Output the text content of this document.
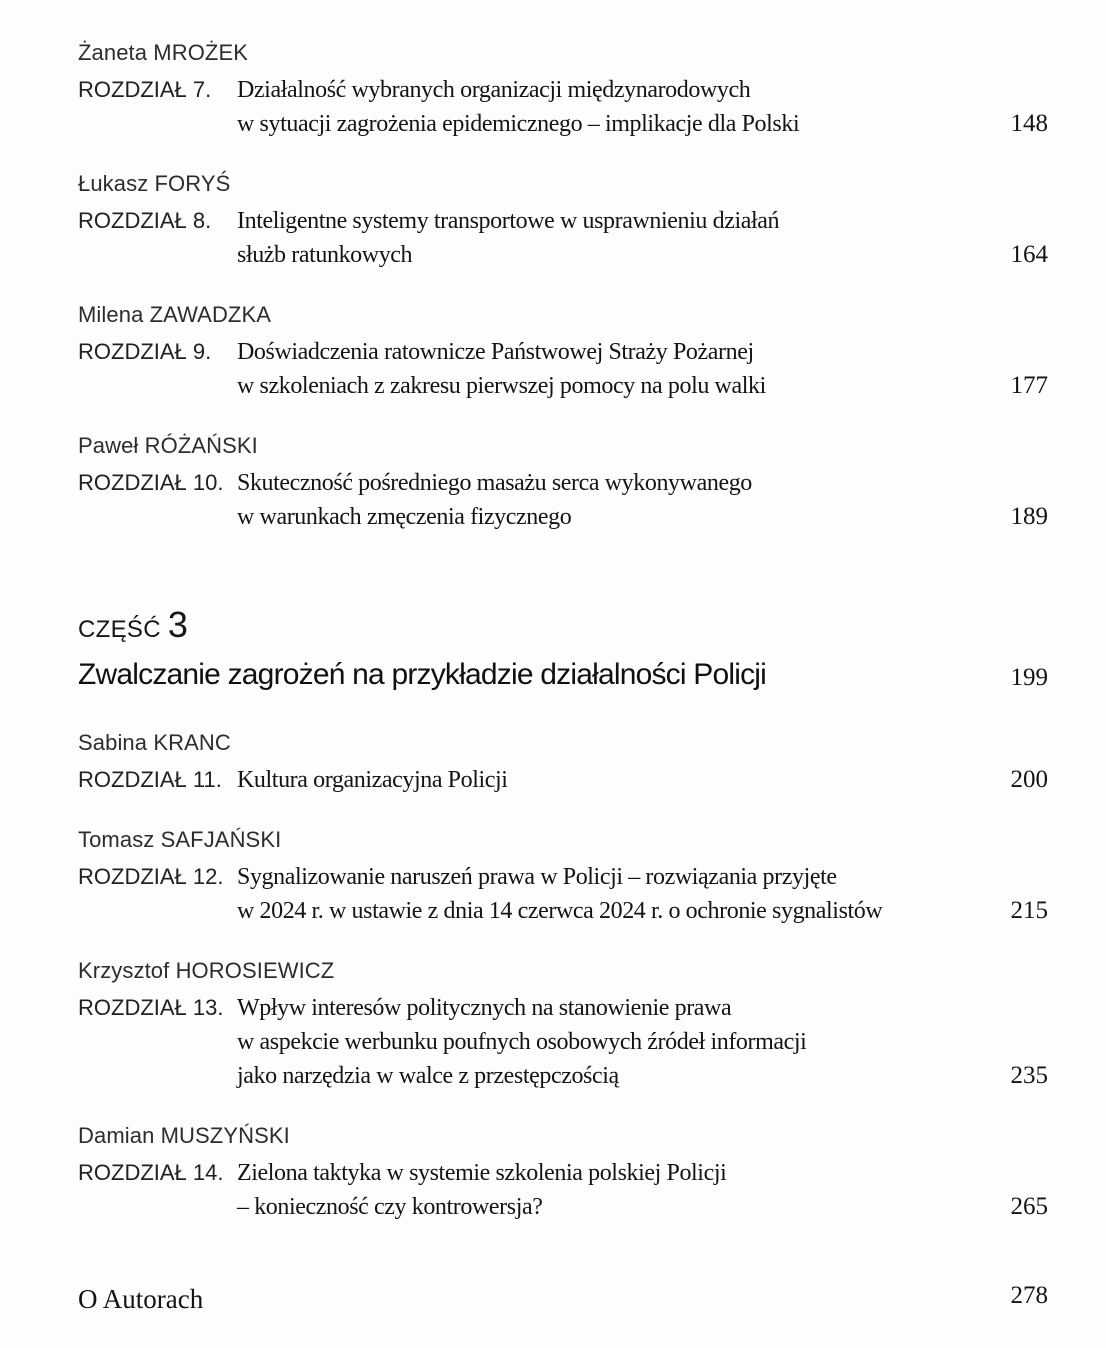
Żaneta MROŻEK
ROZDZIAŁ 7. Działalność wybranych organizacji międzynarodowych
w sytuacji zagrożenia epidemicznego – implikacje dla Polski	148
Łukasz FORYŚ
ROZDZIAŁ 8. Inteligentne systemy transportowe w usprawnieniu działań
służb ratunkowych	164
Milena ZAWADZKA
ROZDZIAŁ 9. Doświadczenia ratownicze Państwowej Straży Pożarnej
w szkoleniach z zakresu pierwszej pomocy na polu walki	177
Paweł RÓŻAŃSKI
ROZDZIAŁ 10. Skuteczność pośredniego masażu serca wykonywanego
w warunkach zmęczenia fizycznego	189
CZĘŚĆ 3
Zwalczanie zagrożeń na przykładzie działalności Policji	199
Sabina KRANC
ROZDZIAŁ 11. Kultura organizacyjna Policji	200
Tomasz SAFJAŃSKI
ROZDZIAŁ 12. Sygnalizowanie naruszeń prawa w Policji – rozwiązania przyjęte
w 2024 r. w ustawie z dnia 14 czerwca 2024 r. o ochronie sygnalistów	215
Krzysztof HOROSIEWICZ
ROZDZIAŁ 13. Wpływ interesów politycznych na stanowienie prawa
w aspekcie werbunku poufnych osobowych źródeł informacji
jako narzędzia w walce z przestępczością	235
Damian MUSZYŃSKI
ROZDZIAŁ 14. Zielona taktyka w systemie szkolenia polskiej Policji
– konieczność czy kontrowersja?	265
O Autorach	278
